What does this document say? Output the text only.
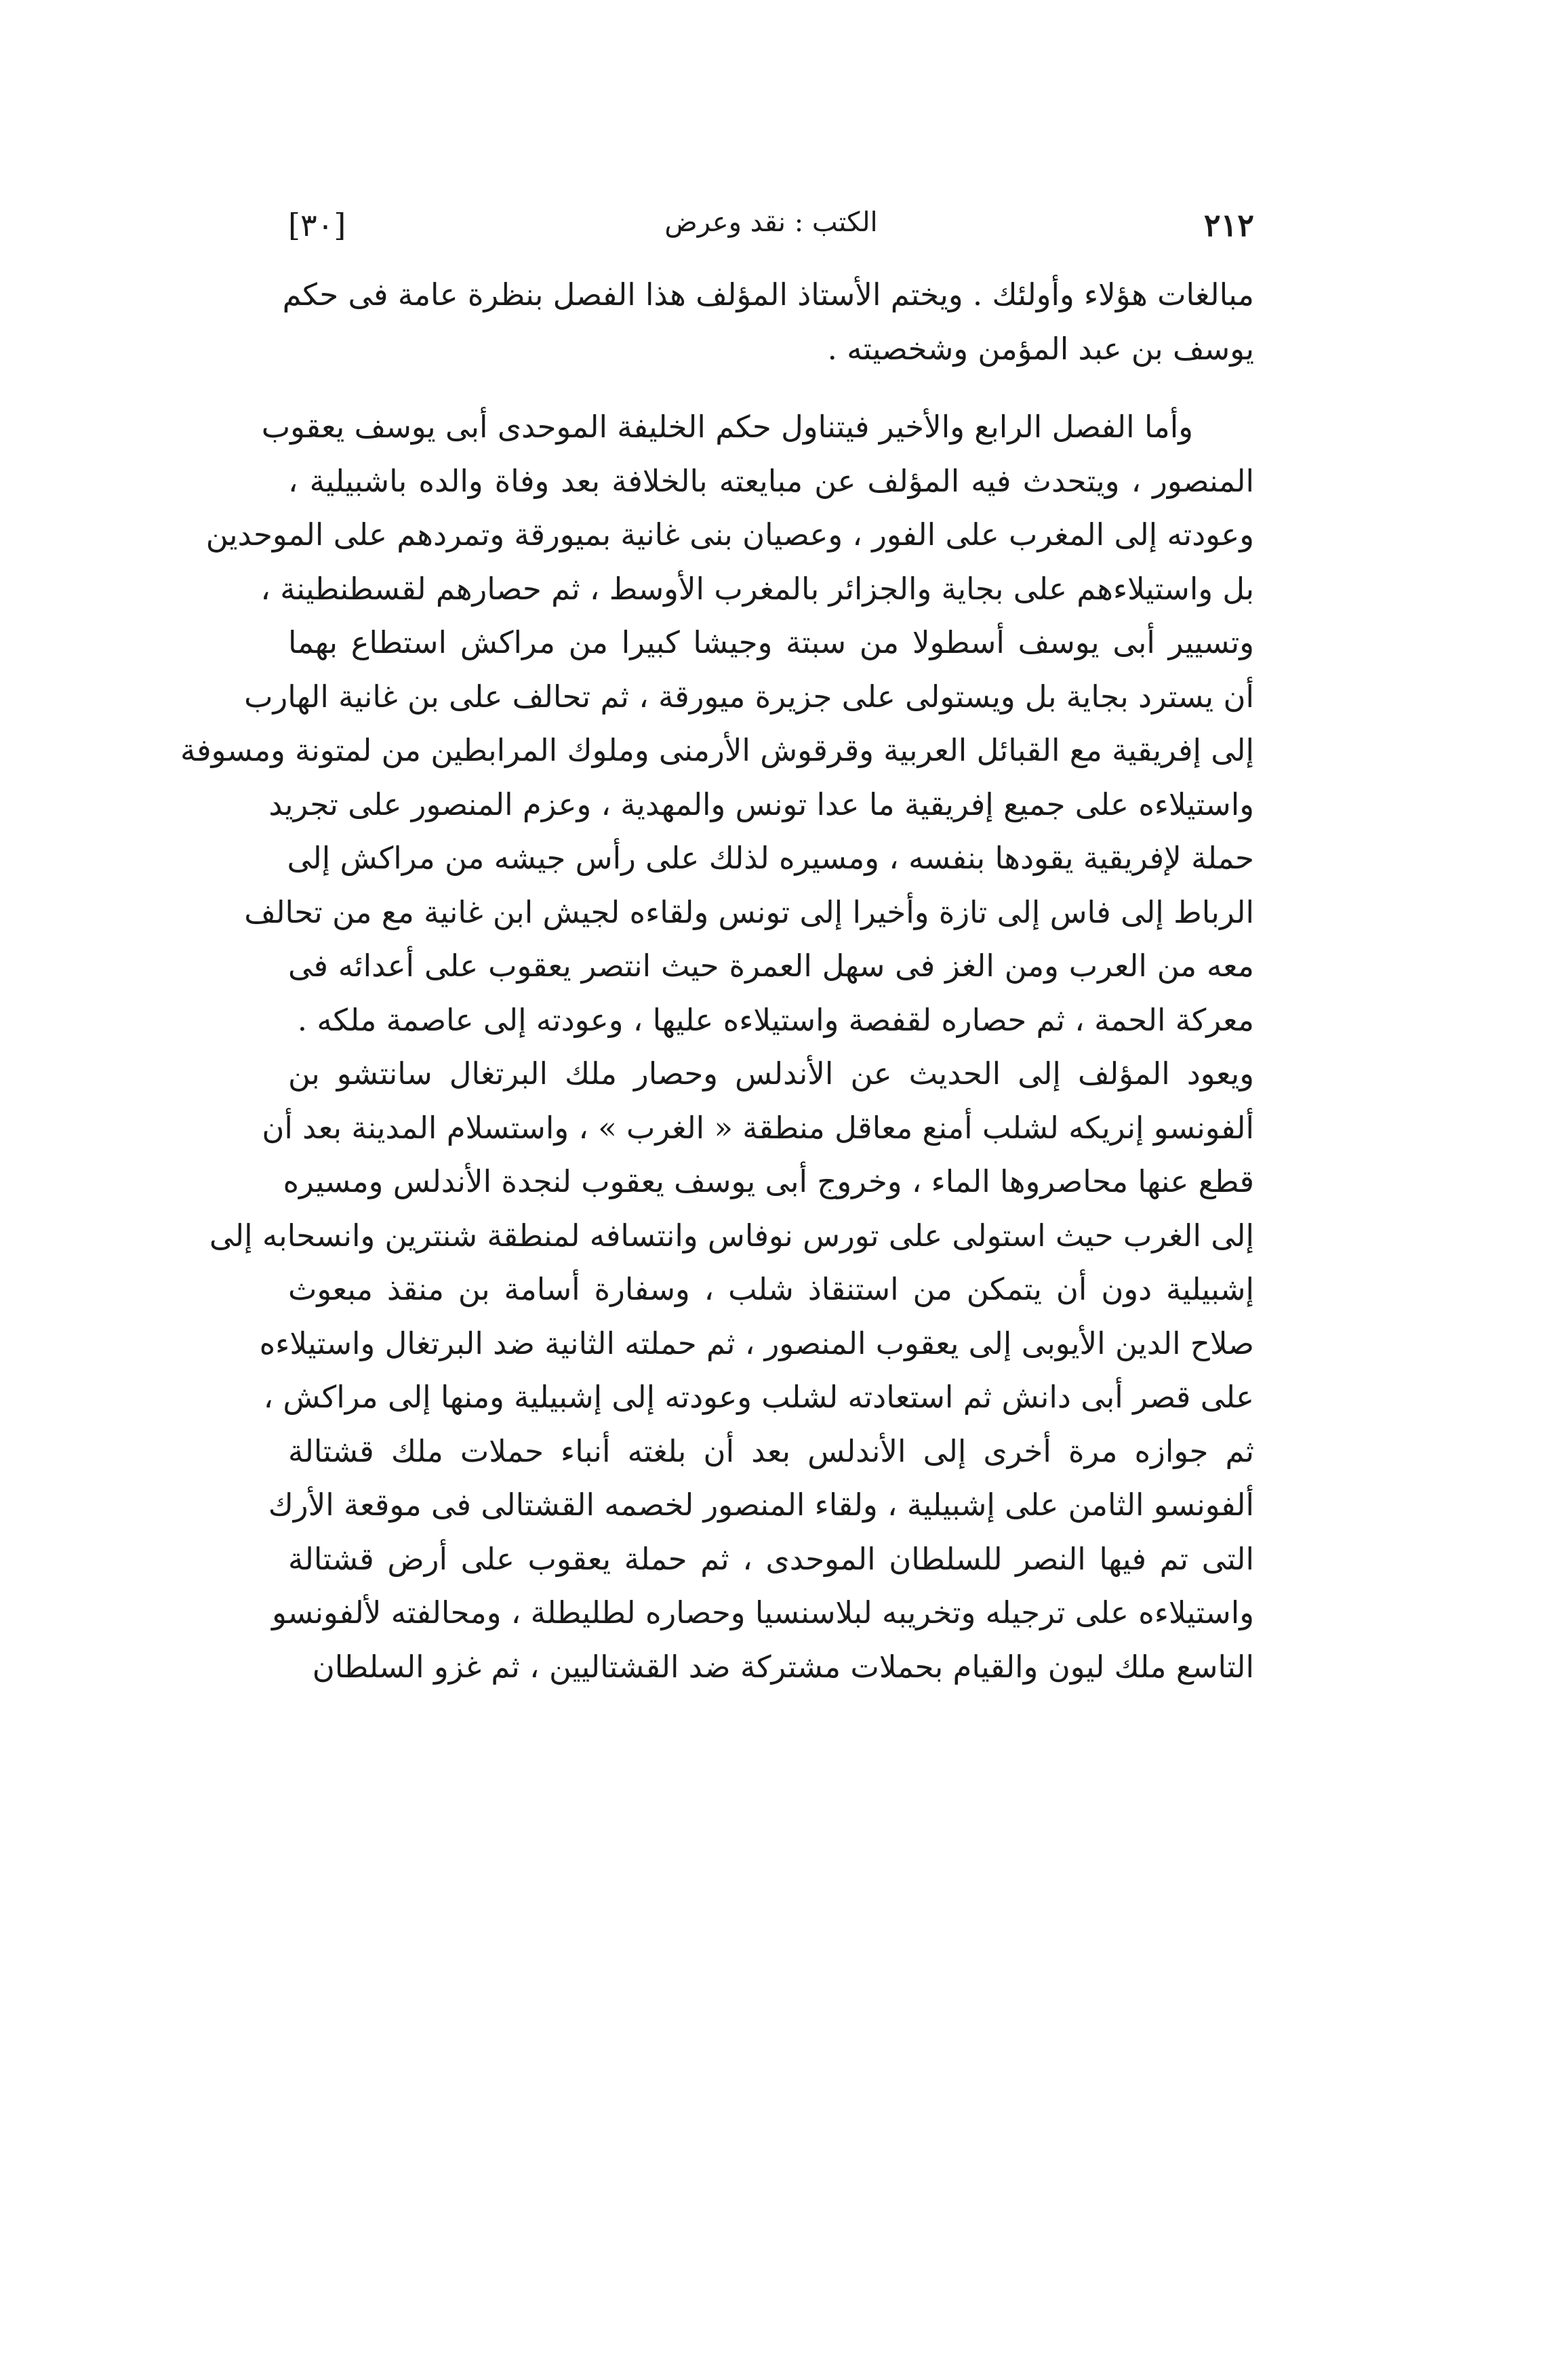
٢١٢
الكتب : نقد وعرض
[٣٠]

مبالغات هؤلاء وأولئك . ويختم الأستاذ المؤلف هذا الفصل بنظرة عامة فى حكم

يوسف بن عبد المؤمن وشخصيته .

وأما الفصل الرابع والأخير فيتناول حكم الخليفة الموحدى أبى يوسف يعقوب

المنصور ، ويتحدث فيه المؤلف عن مبايعته بالخلافة بعد وفاة والده باشبيلية ،

وعودته إلى المغرب على الفور ، وعصيان بنى غانية بميورقة وتمردهم على الموحدين

بل واستيلاءهم على بجاية والجزائر بالمغرب الأوسط ، ثم حصارهم لقسطنطينة ،

وتسيير أبى يوسف أسطولا من سبتة وجيشا كبيرا من مراكش استطاع بهما

أن يسترد بجاية بل ويستولى على جزيرة ميورقة ، ثم تحالف على بن غانية الهارب

إلى إفريقية مع القبائل العربية وقرقوش الأرمنى وملوك المرابطين من لمتونة ومسوفة

واستيلاءه على جميع إفريقية ما عدا تونس والمهدية ، وعزم المنصور على تجريد

حملة لإفريقية يقودها بنفسه ، ومسيره لذلك على رأس جيشه من مراكش إلى

الرباط إلى فاس إلى تازة وأخيرا إلى تونس ولقاءه لجيش ابن غانية مع من تحالف

معه من العرب ومن الغز فى سهل العمرة حيث انتصر يعقوب على أعدائه فى

معركة الحمة ، ثم حصاره لقفصة واستيلاءه عليها ، وعودته إلى عاصمة ملكه .

ويعود المؤلف إلى الحديث عن الأندلس وحصار ملك البرتغال سانتشو بن

ألفونسو إنريكه لشلب أمنع معاقل منطقة « الغرب » ، واستسلام المدينة بعد أن

قطع عنها محاصروها الماء ، وخروج أبى يوسف يعقوب لنجدة الأندلس ومسيره

إلى الغرب حيث استولى على تورس نوفاس وانتسافه لمنطقة شنترين وانسحابه إلى

إشبيلية دون أن يتمكن من استنقاذ شلب ، وسفارة أسامة بن منقذ مبعوث

صلاح الدين الأيوبى إلى يعقوب المنصور ، ثم حملته الثانية ضد البرتغال واستيلاءه

على قصر أبى دانش ثم استعادته لشلب وعودته إلى إشبيلية ومنها إلى مراكش ،

ثم جوازه مرة أخرى إلى الأندلس بعد أن بلغته أنباء حملات ملك قشتالة

ألفونسو الثامن على إشبيلية ، ولقاء المنصور لخصمه القشتالى فى موقعة الأرك

التى تم فيها النصر للسلطان الموحدى ، ثم حملة يعقوب على أرض قشتالة

واستيلاءه على ترجيله وتخريبه لبلاسنسيا وحصاره لطليطلة ، ومحالفته لألفونسو

التاسع ملك ليون والقيام بحملات مشتركة ضد القشتاليين ، ثم غزو السلطان
